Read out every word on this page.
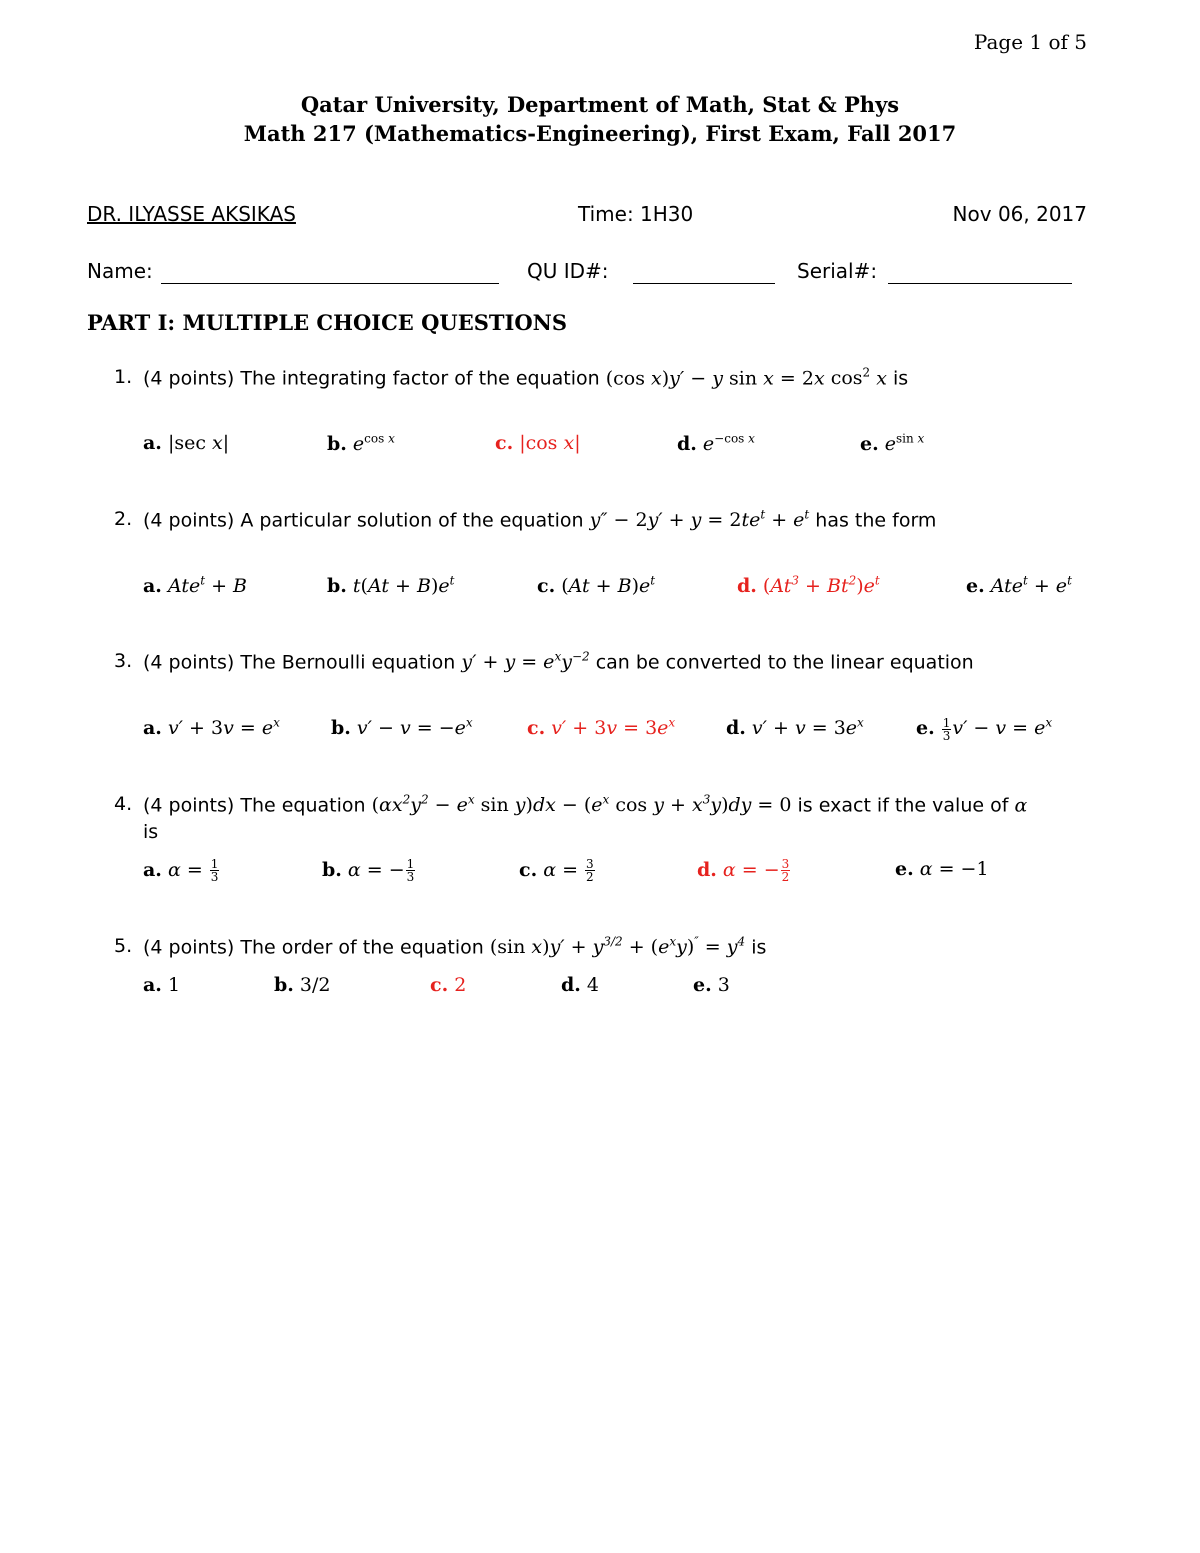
Page 1 of 5
Qatar University, Department of Math, Stat & Phys
Math 217 (Mathematics-Engineering), First Exam, Fall 2017
DR. ILYASSE AKSIKAS	Time: 1H30	Nov 06, 2017
Name:	QU ID#:	Serial#:
PART I: MULTIPLE CHOICE QUESTIONS
1. (4 points) The integrating factor of the equation (cos x)y′ − y sin x = 2x $\cos^2 x$ is
a. |sec x|	b. $e^{cos x}$	c. |cos x|	d. $e^{-cos x}$	e. $e^{sin x}$
2. (4 points) A particular solution of the equation $y'' - 2y' + y = 2te^t + e^t$ has the form
a. Ate$^t$ + B	b. $t(At + B)e^t$	c. $(At + B)e^t$	d. $(At^3 + Bt^2)e^t$	e. $Ate^t + e^t$
3. (4 points) The Bernoulli equation $y' + y = e^xy^{-2}$ can be converted to the linear equation
a. $v' + 3v = e^x$	b. $v' - v = -e^x$	c. $v' + 3v = 3e^x$	d. $v' + v = 3e^x$	e. $\frac{1}{3} v' - v = e^x$
4. (4 points) The equation ($\alpha x^2y^2 - e^x$ $\sin y)dx - (e^x$ $\cos y + x^3y)dy = 0$ is exact if the value of α
is
a. $\alpha = \frac{1}{3}$	b. α = − $\frac{1}{3}$	c. $\alpha = \frac{3}{2}$	d. α = − $\frac{3}{2}$	e. α = −1
5. (4 points) The order of the equation (sin $x)y' + y^{3/2} + (e^xy)'' = y^4$ is
a. 1	b. 3/2	c. 2	d. 4	e. 3
